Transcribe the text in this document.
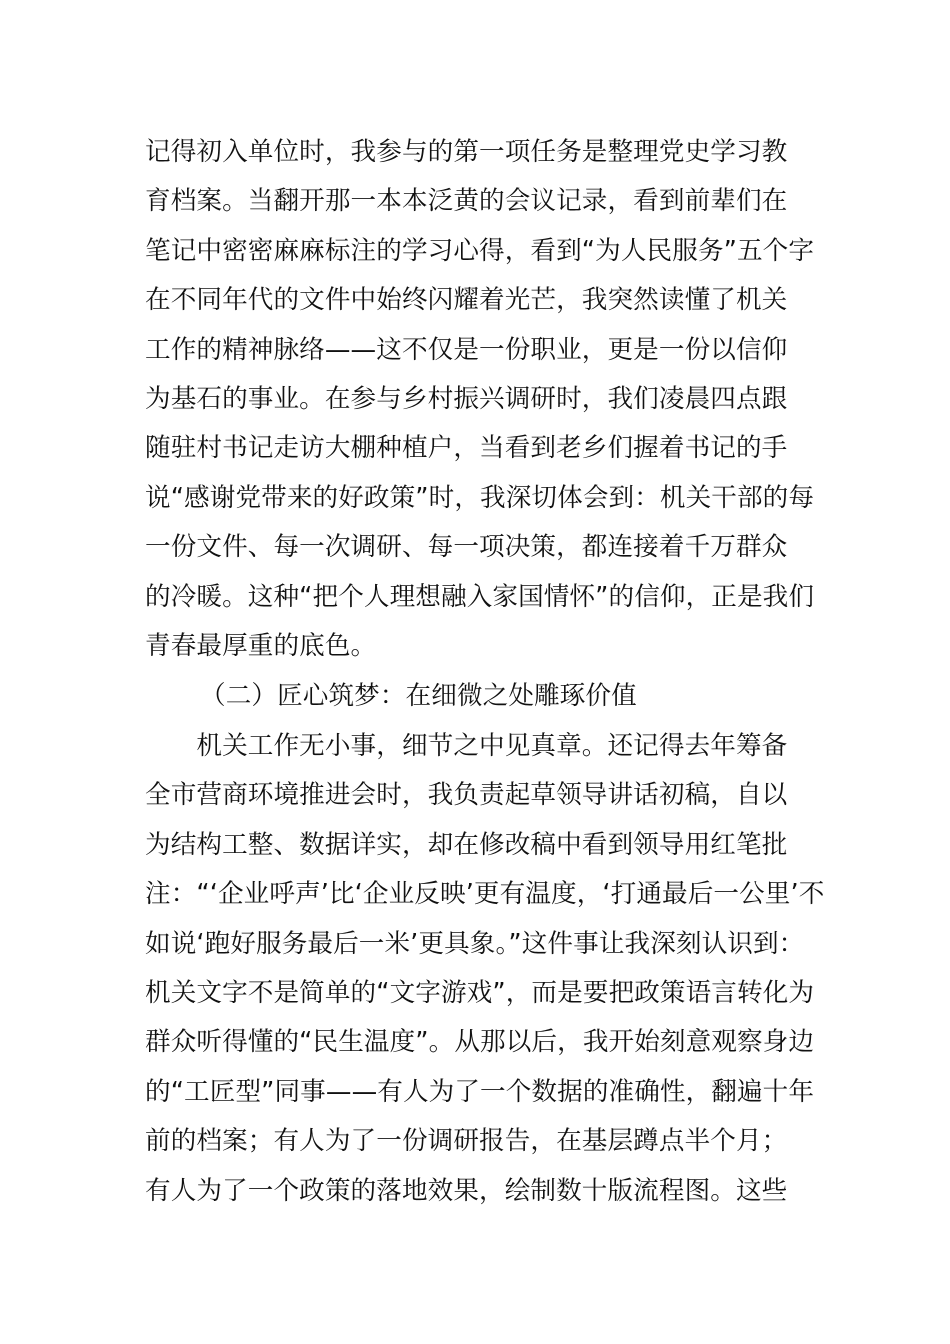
记得初入单位时，我参与的第一项任务是整理党史学习教
育档案。当翻开那一本本泛黄的会议记录，看到前辈们在
笔记中密密麻麻标注的学习心得，看到“为人民服务”五个字
在不同年代的文件中始终闪耀着光芒，我突然读懂了机关
工作的精神脉络——这不仅是一份职业，更是一份以信仰
为基石的事业。在参与乡村振兴调研时，我们凌晨四点跟
随驻村书记走访大棚种植户，当看到老乡们握着书记的手
说“感谢党带来的好政策”时，我深切体会到：机关干部的每
一份文件、每一次调研、每一项决策，都连接着千万群众
的冷暖。这种“把个人理想融入家国情怀”的信仰，正是我们
青春最厚重的底色。
（二）匠心筑梦：在细微之处雕琢价值
　　机关工作无小事，细节之中见真章。还记得去年筹备
全市营商环境推进会时，我负责起草领导讲话初稿，自以
为结构工整、数据详实，却在修改稿中看到领导用红笔批
注：“‘企业呼声’比‘企业反映’更有温度，‘打通最后一公里’不
如说‘跑好服务最后一米’更具象。”这件事让我深刻认识到：
机关文字不是简单的“文字游戏”，而是要把政策语言转化为
群众听得懂的“民生温度”。从那以后，我开始刻意观察身边
的“工匠型”同事——有人为了一个数据的准确性，翻遍十年
前的档案；有人为了一份调研报告，在基层蹲点半个月；
有人为了一个政策的落地效果，绘制数十版流程图。这些
